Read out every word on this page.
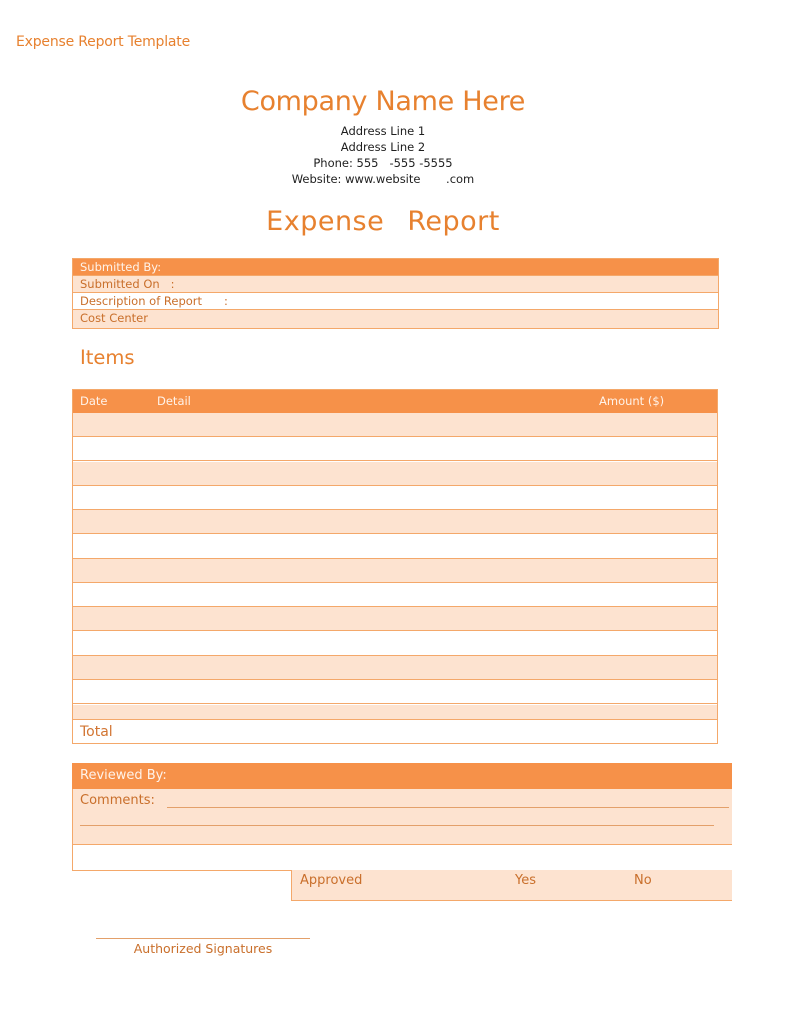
Expense Report Template
Company Name Here
Address Line 1
Address Line 2
Phone: 555   -555 -5555
Website: www.website       .com
Expense Report
Submitted By:
Submitted On   :
Description of Report      :
Cost Center
Items
Date	Detail	Amount ($)
Total
Reviewed By:
Comments:
Approved	Yes	No
Authorized Signatures
